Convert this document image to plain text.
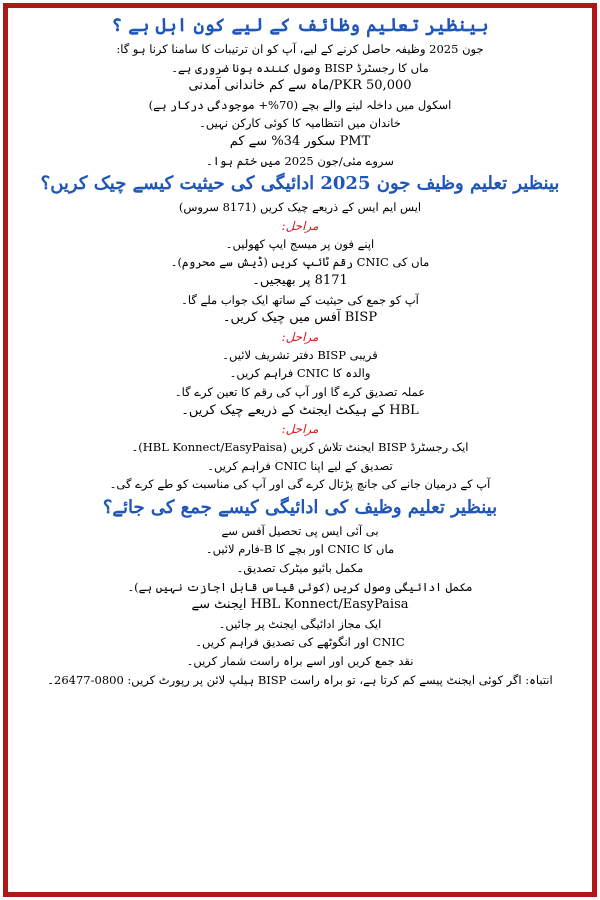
بینظیر تعلیم وظائف کے لیے کون اہل ہے ؟
جون 2025 وظیفہ حاصل کرنے کے لیے، آپ کو ان ترتیبات کا سامنا کرنا ہو گا:
ماں کا رجسٹرڈ BISP وصول کنندہ ہونا ضروری ہے۔
PKR 50,000/ماہ سے کم خاندانی آمدنی
اسکول میں داخلہ لینے والے بچے (70%+ موجودگی درکار ہے)
خاندان میں انتظامیہ کا کوئی کارکن نہیں۔
PMT سکور 34% سے کم
سروے مئی/جون 2025 میں ختم ہوا۔
بینظیر تعلیم وظیف جون 2025 ادائیگی کی حیثیت کیسے چیک کریں؟
ایس ایم ایس کے ذریعے چیک کریں (8171 سروس)
مراحل:
اپنے فون پر میسج ایپ کھولیں۔
ماں کی CNIC رقم ٹائپ کریں (ڈیش سے محروم)۔
8171 پر بھیجیں۔
آپ کو جمع کی حیثیت کے ساتھ ایک جواب ملے گا۔
BISP آفس میں چیک کریں۔
مراحل:
قریبی BISP دفتر تشریف لائیں۔
والدہ کا CNIC فراہم کریں۔
عملہ تصدیق کرے گا اور آپ کی رقم کا تعین کرے گا۔
HBL کے ہیکٹ ایجنٹ کے ذریعے چیک کریں۔
مراحل:
ایک رجسٹرڈ BISP ایجنٹ تلاش کریں (HBL Konnect/EasyPaisa)۔
تصدیق کے لیے اپنا CNIC فراہم کریں۔
آپ کے درمیان جانے کی جانچ پڑتال کرے گی اور آپ کی مناسبت کو طے کرے گی۔
بینظیر تعلیم وظیف کی ادائیگی کیسے جمع کی جائے؟
بی آئی ایس پی تحصیل آفس سے
ماں کا CNIC اور بچے کا B-فارم لائیں۔
مکمل بائیو میٹرک تصدیق۔
مکمل ادائیگی وصول کریں (کوئی قیاس قابل اجازت نہیں ہے)۔
HBL Konnect/EasyPaisa ایجنٹ سے
ایک مجاز ادائیگی ایجنٹ پر جائیں۔
CNIC اور انگوٹھے کی تصدیق فراہم کریں۔
نقد جمع کریں اور اسے براہ راست شمار کریں۔
انتباہ: اگر کوئی ایجنٹ پیسے کم کرتا ہے، تو براہ راست BISP ہیلپ لائن پر رپورٹ کریں: 0800-26477۔
